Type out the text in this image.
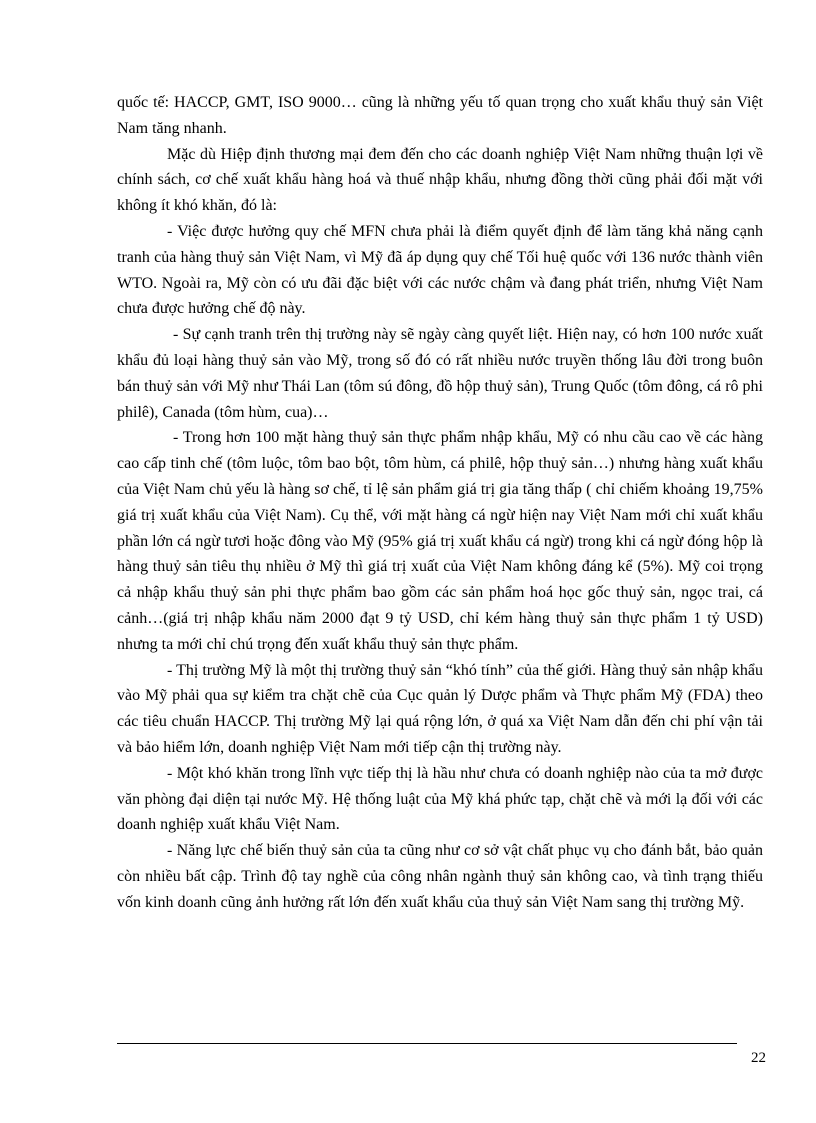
quốc tế: HACCP, GMT, ISO 9000… cũng là những yếu tố quan trọng cho xuất khẩu thuỷ sản Việt Nam tăng nhanh.

Mặc dù Hiệp định thương mại đem đến cho các doanh nghiệp Việt Nam những thuận lợi về chính sách, cơ chế xuất khẩu hàng hoá và thuế nhập khẩu, nhưng đồng thời cũng phải đối mặt với không ít khó khăn, đó là:

- Việc được hưởng quy chế MFN chưa phải là điểm quyết định để làm tăng khả năng cạnh tranh của hàng thuỷ sản Việt Nam, vì Mỹ đã áp dụng quy chế Tối huệ quốc với 136 nước thành viên WTO. Ngoài ra, Mỹ còn có ưu đãi đặc biệt với các nước chậm và đang phát triển, nhưng Việt Nam chưa được hưởng chế độ này.

- Sự cạnh tranh trên thị trường này sẽ ngày càng quyết liệt. Hiện nay, có hơn 100 nước xuất khẩu đủ loại hàng thuỷ sản vào Mỹ, trong số đó có rất nhiều nước truyền thống lâu đời trong buôn bán thuỷ sản với Mỹ như Thái Lan (tôm sú đông, đồ hộp thuỷ sản), Trung Quốc (tôm đông, cá rô phi philê), Canada (tôm hùm, cua)…

- Trong hơn 100 mặt hàng thuỷ sản thực phẩm nhập khẩu, Mỹ có nhu cầu cao về các hàng cao cấp tinh chế (tôm luộc, tôm bao bột, tôm hùm, cá philê, hộp thuỷ sản…) nhưng hàng xuất khẩu của Việt Nam chủ yếu là hàng sơ chế, tỉ lệ sản phẩm giá trị gia tăng thấp ( chỉ chiếm khoảng 19,75% giá trị xuất khẩu của Việt Nam). Cụ thể, với mặt hàng cá ngừ hiện nay Việt Nam mới chỉ xuất khẩu phần lớn cá ngừ tươi hoặc đông vào Mỹ (95% giá trị xuất khẩu cá ngừ) trong khi cá ngừ đóng hộp là hàng thuỷ sản tiêu thụ nhiều ở Mỹ thì giá trị xuất của Việt Nam không đáng kể (5%). Mỹ coi trọng cả nhập khẩu thuỷ sản phi thực phẩm bao gồm các sản phẩm hoá học gốc thuỷ sản, ngọc trai, cá cảnh…(giá trị nhập khẩu năm 2000 đạt 9 tỷ USD, chỉ kém hàng thuỷ sản thực phẩm 1 tỷ USD) nhưng ta mới chỉ chú trọng đến xuất khẩu thuỷ sản thực phẩm.

- Thị trường Mỹ là một thị trường thuỷ sản “khó tính” của thế giới. Hàng thuỷ sản nhập khẩu vào Mỹ phải qua sự kiểm tra chặt chẽ của Cục quản lý Dược phẩm và Thực phẩm Mỹ (FDA) theo các tiêu chuẩn HACCP. Thị trường Mỹ lại quá rộng lớn, ở quá xa Việt Nam dẫn đến chi phí vận tải và bảo hiểm lớn, doanh nghiệp Việt Nam mới tiếp cận thị trường này.

- Một khó khăn trong lĩnh vực tiếp thị là hầu như chưa có doanh nghiệp nào của ta mở được văn phòng đại diện tại nước Mỹ. Hệ thống luật của Mỹ khá phức tạp, chặt chẽ và mới lạ đối với các doanh nghiệp xuất khẩu Việt Nam.

- Năng lực chế biến thuỷ sản của ta cũng như cơ sở vật chất phục vụ cho đánh bắt, bảo quản còn nhiều bất cập. Trình độ tay nghề của công nhân ngành thuỷ sản không cao, và tình trạng thiếu vốn kinh doanh cũng ảnh hưởng rất lớn đến xuất khẩu của thuỷ sản Việt Nam sang thị trường Mỹ.

22
